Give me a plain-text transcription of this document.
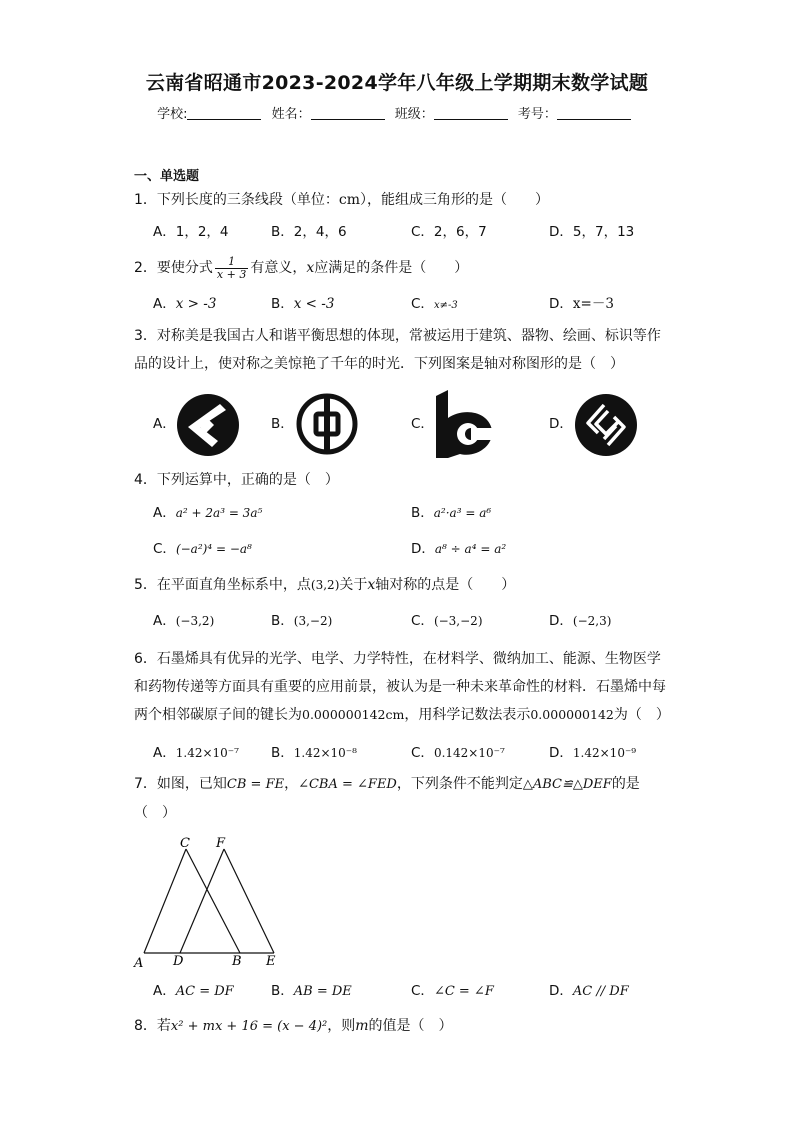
云南省昭通市2023-2024学年八年级上学期期末数学试题
学校:	姓名：	班级：	考号：
一、单选题
1．下列长度的三条线段（单位：cm），能组成三角形的是（　　）
A．1，2，4	B．2，4，6	C．2，6，7	D．5，7，13
2．要使分式 $\frac{1}{x + 3}$ 有意义，x应满足的条件是（　　）
A．x > -3	B．x < -3	C．x≠-3	D．x=－3
3．对称美是我国古人和谐平衡思想的体现，常被运用于建筑、器物、绘画、标识等作
品的设计上，使对称之美惊艳了千年的时光．下列图案是轴对称图形的是（　）
A．	B．	C．	D．
4．下列运算中，正确的是（　）
A．a² + 2a³ = 3a⁵	B．a²·a³ = a⁶
C．(−a²)⁴ = −a⁸	D．a⁸ ÷ a⁴ = a²
5．在平面直角坐标系中，点(3,2)关于x轴对称的点是（　　）
A．(−3,2)	B．(3,−2)	C．(−3,−2)	D．(−2,3)
6．石墨烯具有优异的光学、电学、力学特性，在材料学、微纳加工、能源、生物医学
和药物传递等方面具有重要的应用前景，被认为是一种未来革命性的材料．石墨烯中每
两个相邻碳原子间的键长为0.000000142cm，用科学记数法表示0.000000142为（　）
A．1.42×10⁻⁷ B．1.42×10⁻⁸	C．0.142×10⁻⁷	D．1.42×10⁻⁹
7．如图，已知CB = FE，∠CBA = ∠FED，下列条件不能判定△ABC≌△DEF的是
（　）
C F
A D	B E
A．AC = DF	B．AB = DE	C．∠C = ∠F	D．AC // DF
8．若x² + mx + 16 = (x − 4)²，则m的值是（　）
